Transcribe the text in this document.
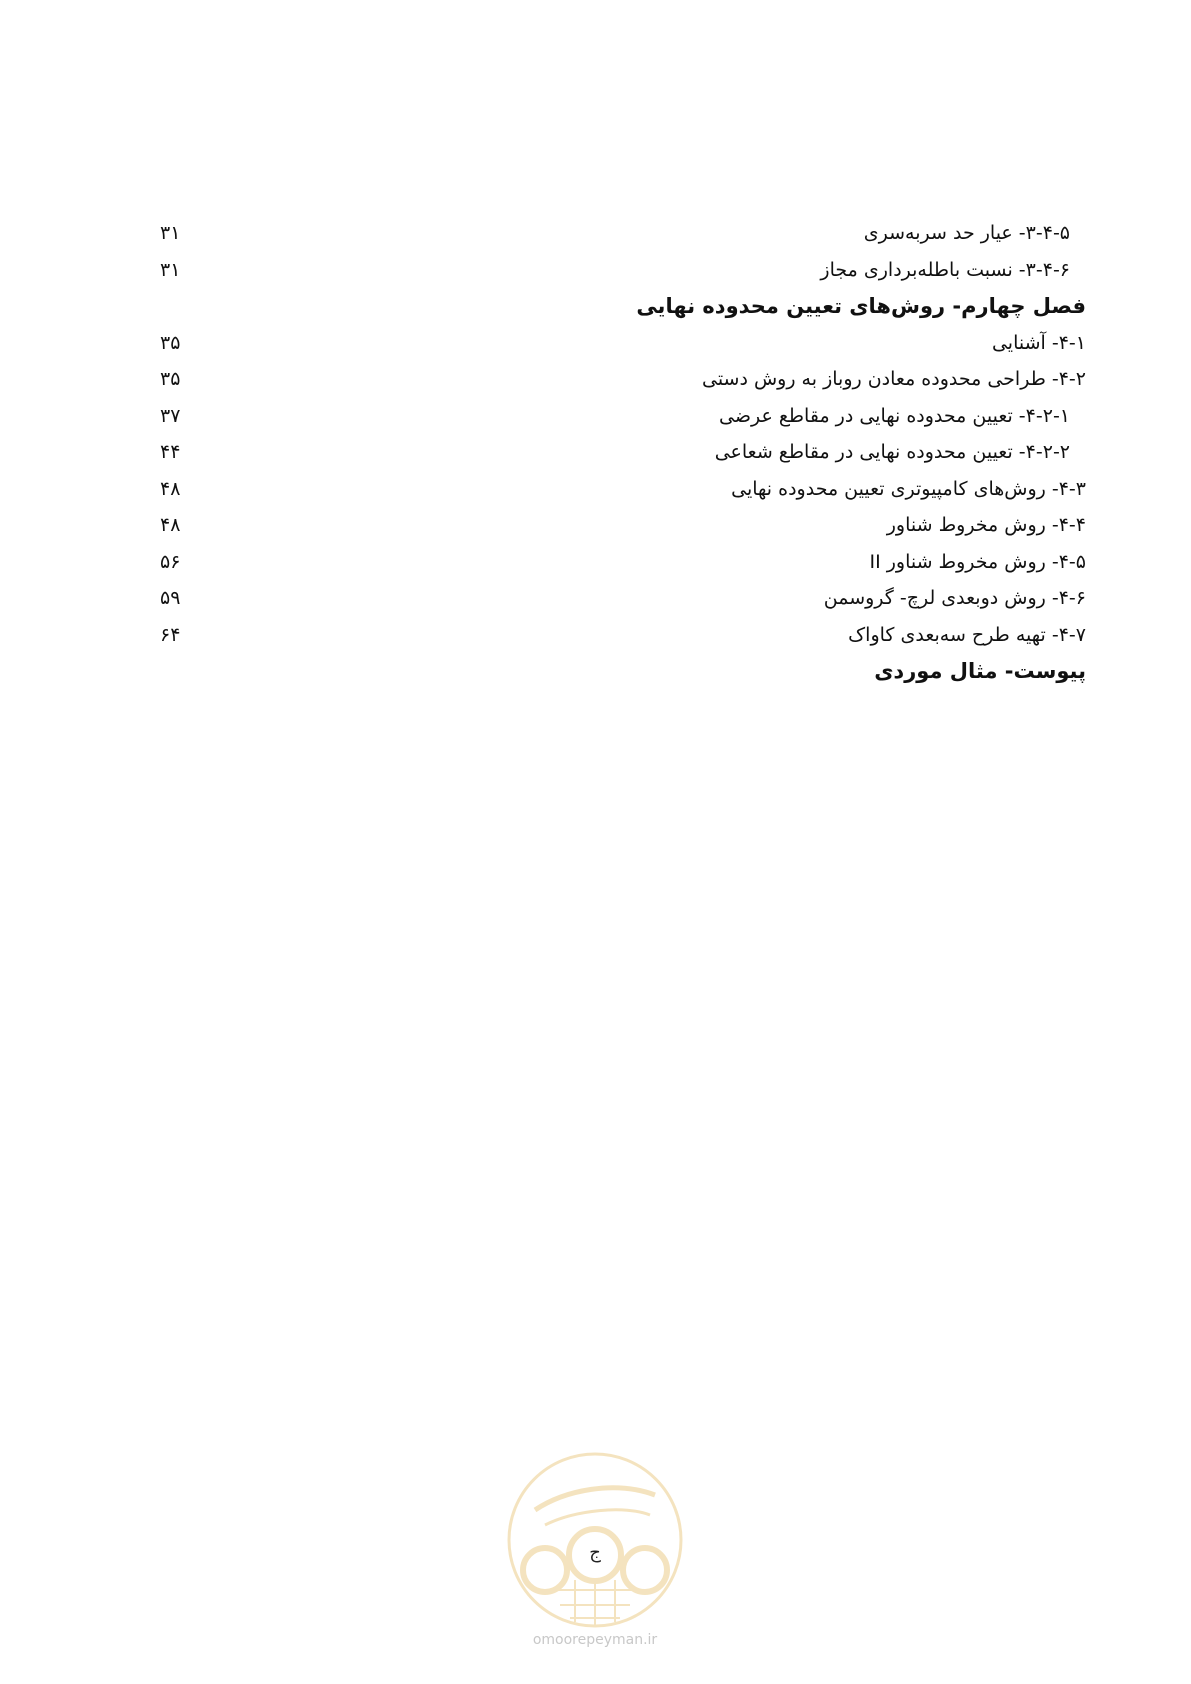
۳-۴-۵- عیار حد سربه‌سری
۳۱
۳-۴-۶- نسبت باطله‌برداری مجاز
۳۱
فصل چهارم- روش‌های تعیین محدوده نهایی
۴-۱- آشنایی
۳۵
۴-۲- طراحی محدوده معادن روباز به روش دستی
۳۵
۴-۲-۱- تعیین محدوده نهایی در مقاطع عرضی
۳۷
۴-۲-۲- تعیین محدوده نهایی در مقاطع شعاعی
۴۴
۴-۳- روش‌های کامپیوتری تعیین محدوده نهایی
۴۸
۴-۴- روش مخروط شناور
۴۸
۴-۵- روش مخروط شناور II
۵۶
۴-۶- روش دوبعدی لرچ- گروسمن
۵۹
۴-۷- تهیه طرح سه‌بعدی کاواک
۶۴
پیوست- مثال موردی
ج
omoorepeyman.ir
